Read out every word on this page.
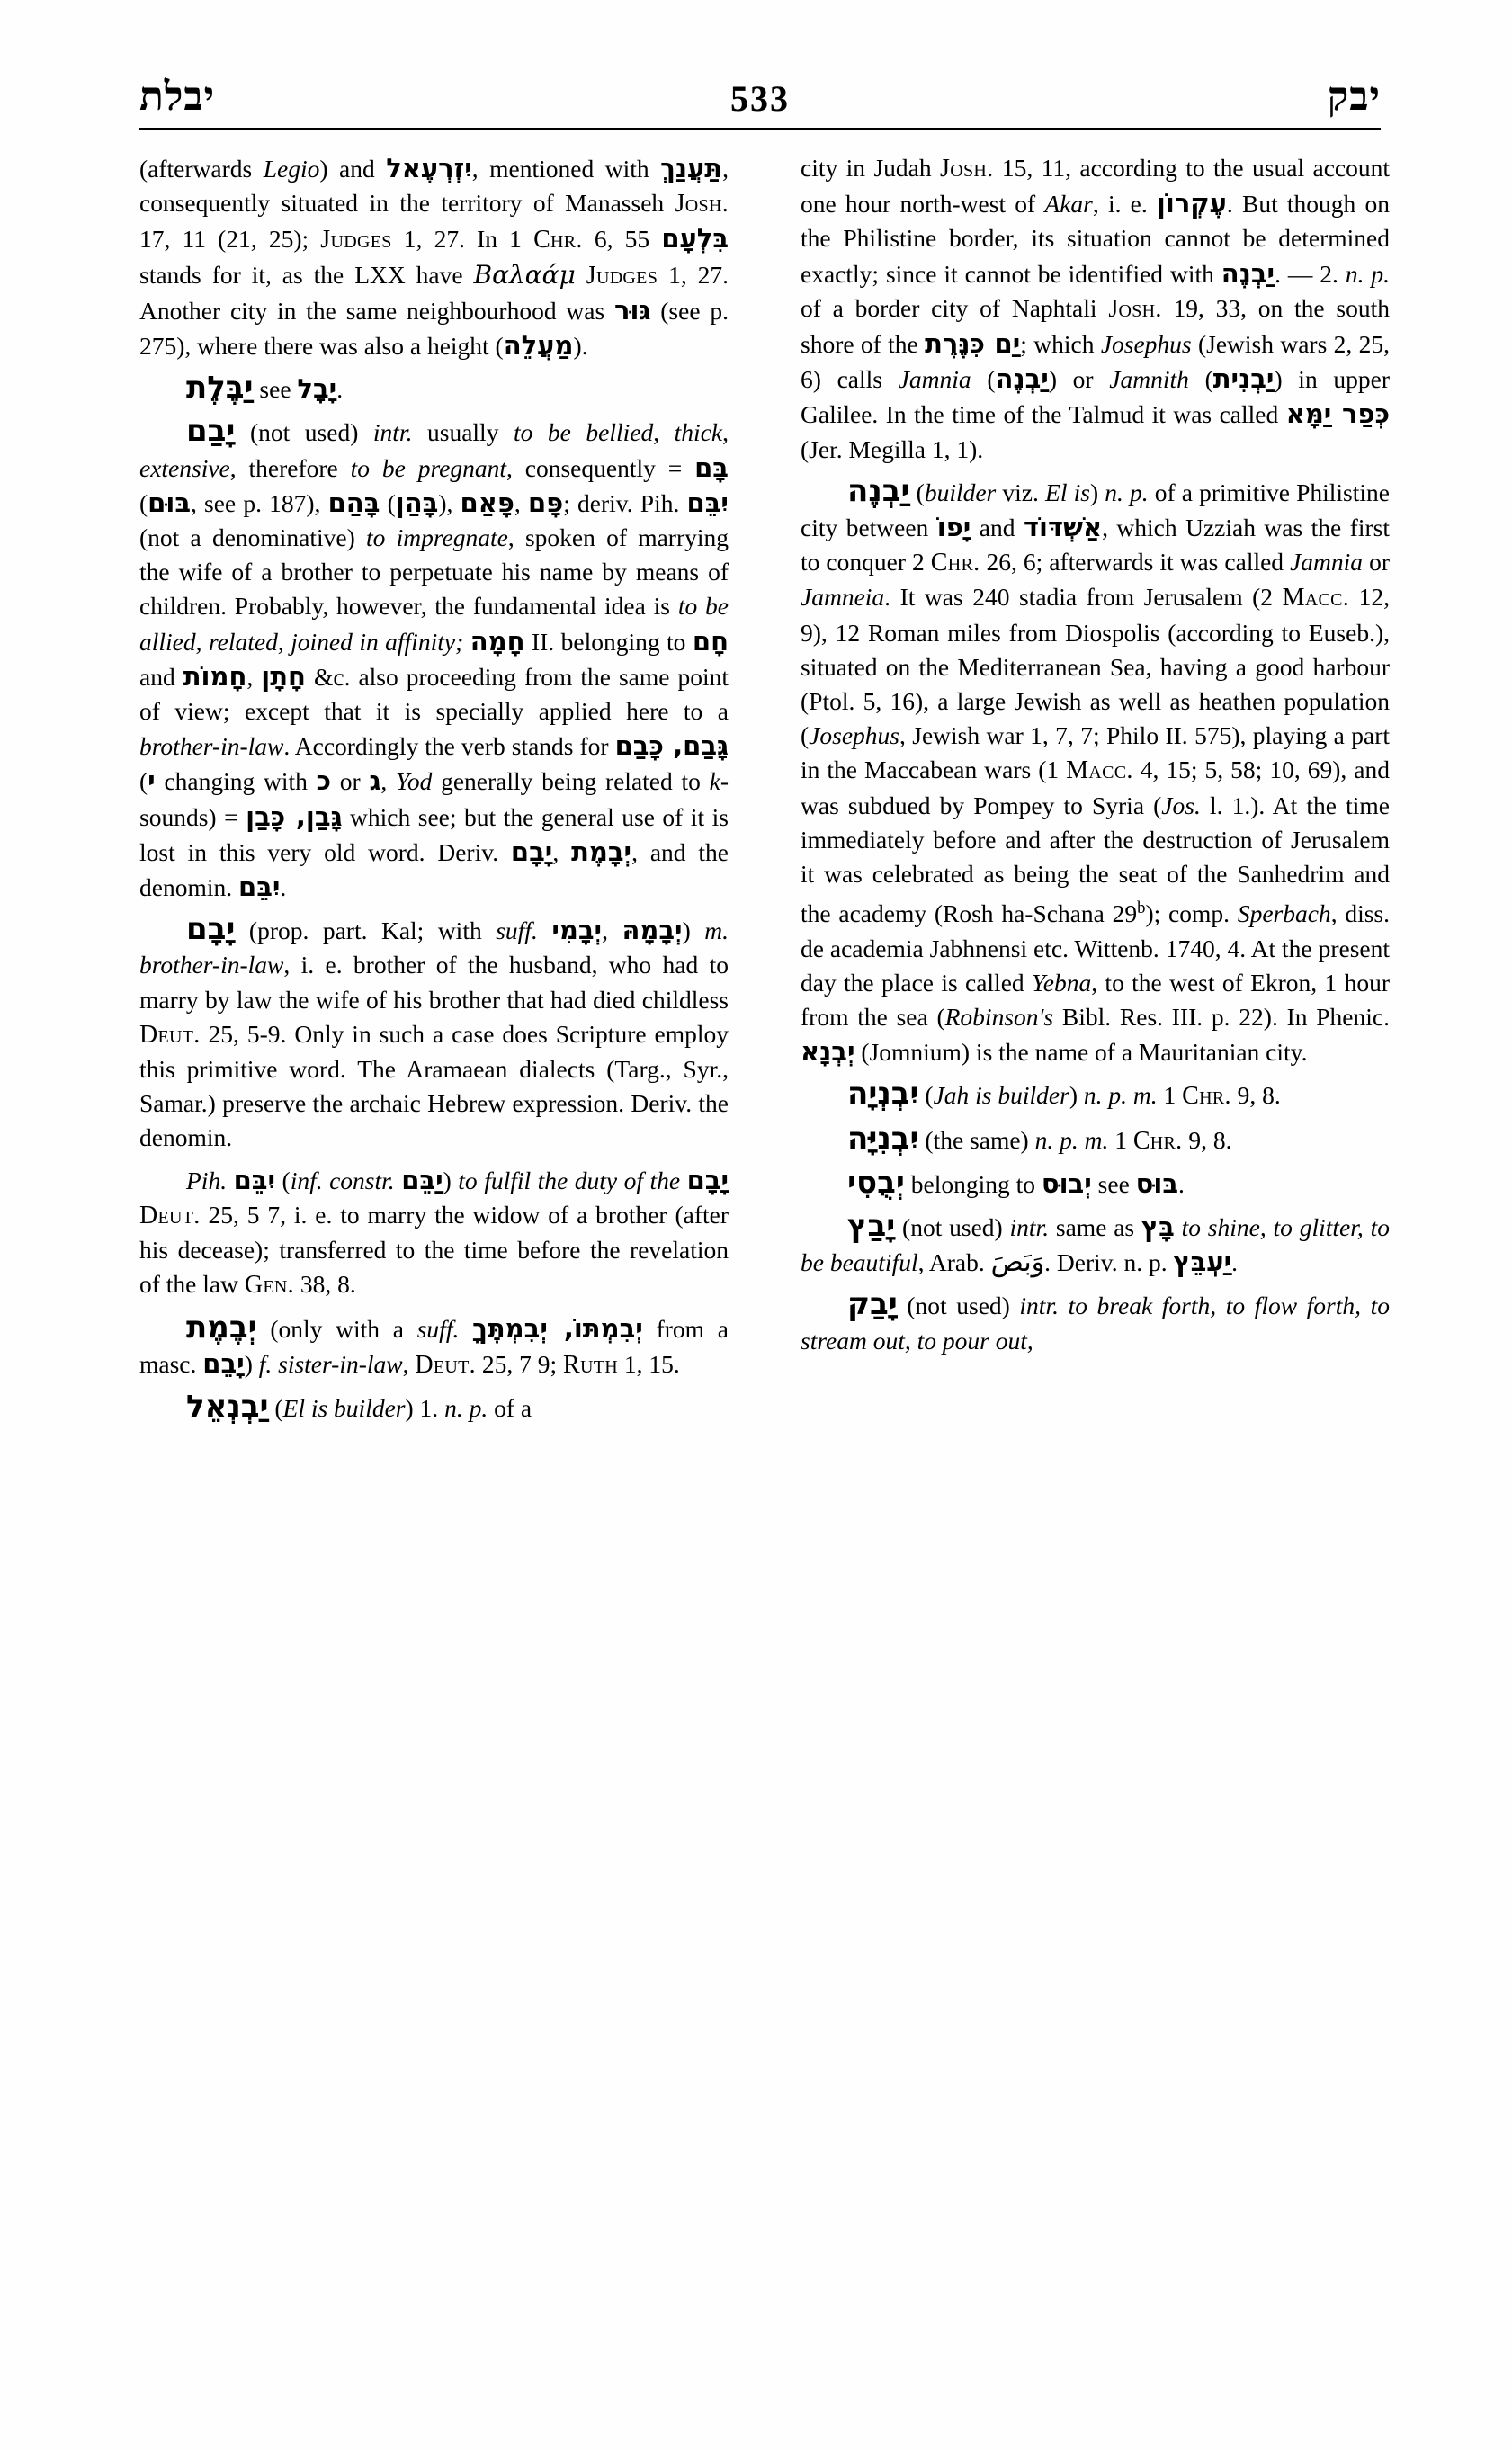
יבלת	533	יבק

(afterwards Legio) and יִזְרְעֶאל, mentioned with תַּעֲנַךְ, consequently situated in the territory of Manasseh Josh. 17, 11 (21, 25); Judges 1, 27. In 1 Chr. 6, 55 בִּלְעָם stands for it, as the LXX have Βαλαάμ Judges 1, 27. Another city in the same neighbourhood was גּוּר (see p. 275), where there was also a height (מַעֲלֵה).

יַבֶּלֶת see יָבָל.

יָבַם (not used) intr. usually to be bellied, thick, extensive, therefore to be pregnant, consequently = בָּם (בּוּם, see p. 187), בָּהַם (בָּהַן), פָּאַם, פָּם; deriv. Pih. יִבֵּם (not a denominative) to impregnate, spoken of marrying the wife of a brother to perpetuate his name by means of children. Probably, however, the fundamental idea is to be allied, related, joined in affinity; חָמָה II. belonging to חָם and חָמוֹת, חָתָן &c. also proceeding from the same point of view; except that it is specially applied here to a brother-in-law. Accordingly the verb stands for גָּבַם, כָּבַם (י changing with כ or ג, Yod generally being related to k-sounds) = גָּבַן, כָּבַן which see; but the general use of it is lost in this very old word. Deriv. יָבָם, יְבָמֶת, and the denomin. יִבֵּם.

יָבָם (prop. part. Kal; with suff. יְבָמִי, יְבָמָהּ) m. brother-in-law, i. e. brother of the husband, who had to marry by law the wife of his brother that had died childless Deut. 25, 5-9. Only in such a case does Scripture employ this primitive word. The Aramaean dialects (Targ., Syr., Samar.) preserve the archaic Hebrew expression. Deriv. the denomin.

Pih. יִבֵּם (inf. constr. יַבֵּם) to fulfil the duty of the יָבָם Deut. 25, 5 7, i. e. to marry the widow of a brother (after his decease); transferred to the time before the revelation of the law Gen. 38, 8.

יְבֶמֶת (only with a suff. יְבִמְתּוֹ, יְבִמְתֶּךָ from a masc. יָבֵם) f. sister-in-law, Deut. 25, 7 9; Ruth 1, 15.

יַבְנְאֵל (El is builder) 1. n. p. of a

city in Judah Josh. 15, 11, according to the usual account one hour north-west of Akar, i. e. עֶקְרוֹן. But though on the Philistine border, its situation cannot be determined exactly; since it cannot be identified with יַבְנֶה. — 2. n. p. of a border city of Naphtali Josh. 19, 33, on the south shore of the יַם כִּנֶּרֶת; which Josephus (Jewish wars 2, 25, 6) calls Jamnia (יַבְנֶה) or Jamnith (יַבְנִית) in upper Galilee. In the time of the Talmud it was called כְּפַר יַמָּא (Jer. Megilla 1, 1).

יַבְנֶה (builder viz. El is) n. p. of a primitive Philistine city between יָפוֹ and אַשְׁדּוֹד, which Uzziah was the first to conquer 2 Chr. 26, 6; afterwards it was called Jamnia or Jamneia. It was 240 stadia from Jerusalem (2 Macc. 12, 9), 12 Roman miles from Diospolis (according to Euseb.), situated on the Mediterranean Sea, having a good harbour (Ptol. 5, 16), a large Jewish as well as heathen population (Josephus, Jewish war 1, 7, 7; Philo II. 575), playing a part in the Maccabean wars (1 Macc. 4, 15; 5, 58; 10, 69), and was subdued by Pompey to Syria (Jos. l. 1.). At the time immediately before and after the destruction of Jerusalem it was celebrated as being the seat of the Sanhedrim and the academy (Rosh ha-Schana 29$^b$); comp. Sperbach, diss. de academia Jabhnensi etc. Wittenb. 1740, 4. At the present day the place is called Yebna, to the west of Ekron, 1 hour from the sea (Robinson's Bibl. Res. III. p. 22). In Phenic. יְבְנָא (Jomnium) is the name of a Mauritanian city.

יִבְנְיָה (Jah is builder) n. p. m. 1 Chr. 9, 8.

יִבְנִיָּה (the same) n. p. m. 1 Chr. 9, 8.

יְבֻסִי belonging to יְבוּס see בּוּס.

יָבַץ (not used) intr. same as בָּץ to shine, to glitter, to be beautiful, Arab. وَبَصَ. Deriv. n. p. יַעְבֵּץ.

יָבַק (not used) intr. to break forth, to flow forth, to stream out, to pour out,
